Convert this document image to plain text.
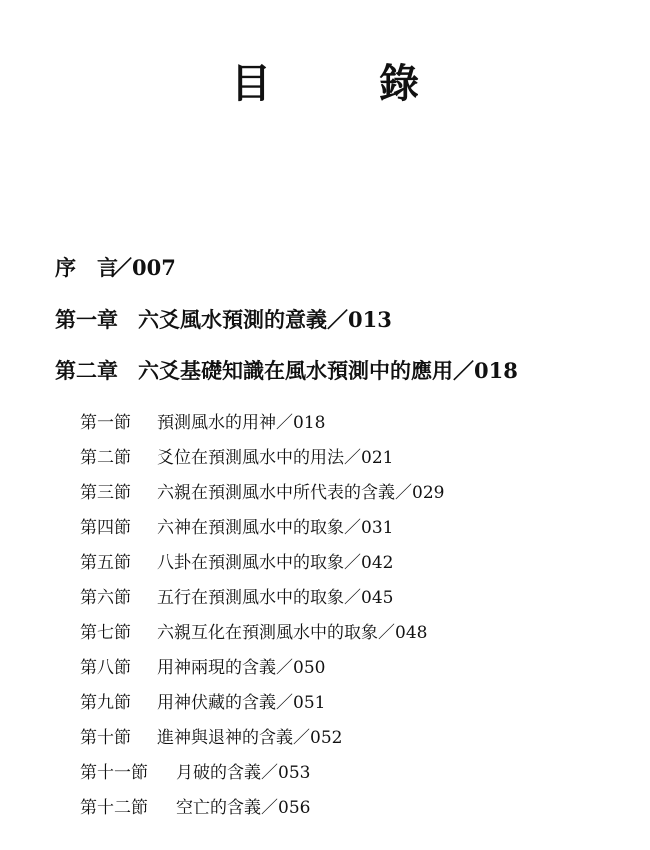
目　錄
序　言／007
第一章 六爻風水預測的意義／013
第二章 六爻基礎知識在風水預測中的應用／018
第一節 預測風水的用神／018
第二節 爻位在預測風水中的用法／021
第三節 六親在預測風水中所代表的含義／029
第四節 六神在預測風水中的取象／031
第五節 八卦在預測風水中的取象／042
第六節 五行在預測風水中的取象／045
第七節 六親互化在預測風水中的取象／048
第八節 用神兩現的含義／050
第九節 用神伏藏的含義／051
第十節 進神與退神的含義／052
第十一節 月破的含義／053
第十二節 空亡的含義／056
